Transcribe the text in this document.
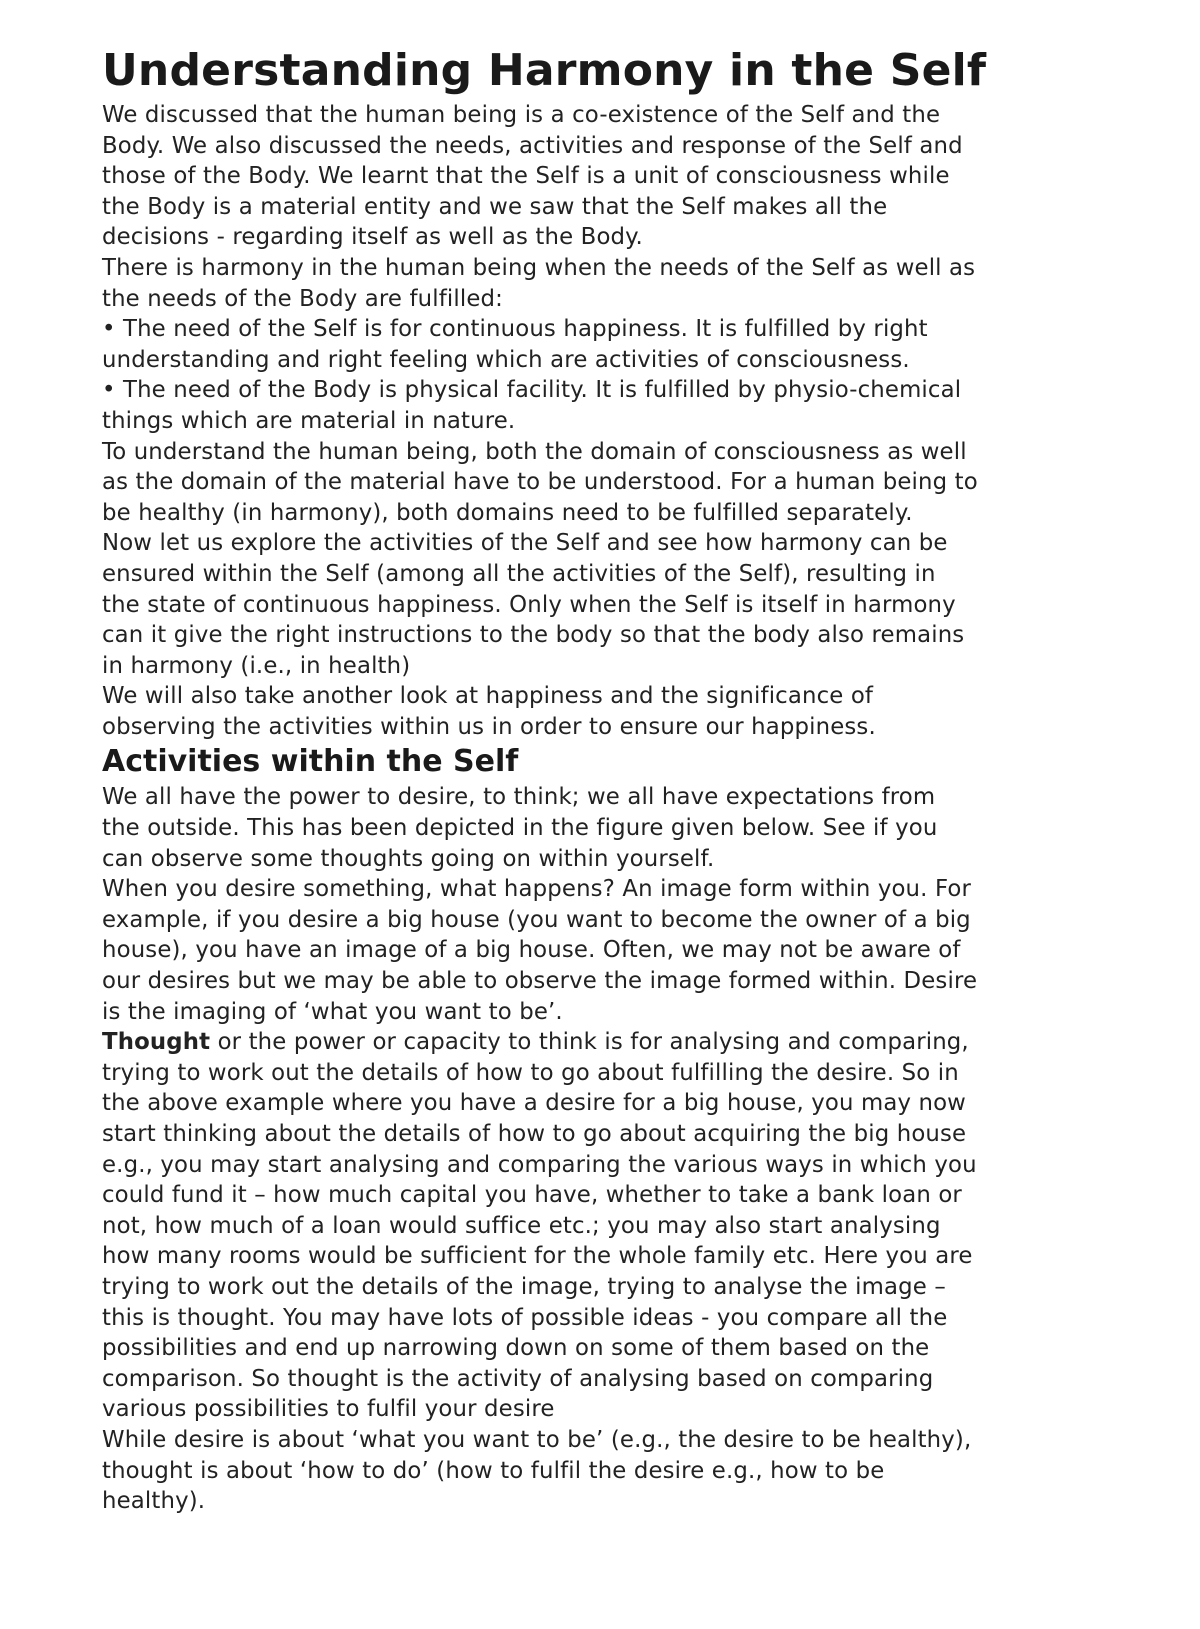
Understanding Harmony in the Self

We discussed that the human being is a co-existence of the Self and the
Body. We also discussed the needs, activities and response of the Self and
those of the Body. We learnt that the Self is a unit of consciousness while
the Body is a material entity and we saw that the Self makes all the
decisions - regarding itself as well as the Body.

There is harmony in the human being when the needs of the Self as well as
the needs of the Body are fulfilled:

• The need of the Self is for continuous happiness. It is fulfilled by right
understanding and right feeling which are activities of consciousness.

• The need of the Body is physical facility. It is fulfilled by physio-chemical
things which are material in nature.

To understand the human being, both the domain of consciousness as well
as the domain of the material have to be understood. For a human being to
be healthy (in harmony), both domains need to be fulfilled separately.

Now let us explore the activities of the Self and see how harmony can be
ensured within the Self (among all the activities of the Self), resulting in
the state of continuous happiness. Only when the Self is itself in harmony
can it give the right instructions to the body so that the body also remains
in harmony (i.e., in health)

We will also take another look at happiness and the significance of
observing the activities within us in order to ensure our happiness.

Activities within the Self

We all have the power to desire, to think; we all have expectations from
the outside. This has been depicted in the figure given below. See if you
can observe some thoughts going on within yourself.

When you desire something, what happens? An image form within you. For
example, if you desire a big house (you want to become the owner of a big
house), you have an image of a big house. Often, we may not be aware of
our desires but we may be able to observe the image formed within. Desire
is the imaging of ‘what you want to be’.

Thought or the power or capacity to think is for analysing and comparing,
trying to work out the details of how to go about fulfilling the desire. So in
the above example where you have a desire for a big house, you may now
start thinking about the details of how to go about acquiring the big house
e.g., you may start analysing and comparing the various ways in which you
could fund it – how much capital you have, whether to take a bank loan or
not, how much of a loan would suffice etc.; you may also start analysing
how many rooms would be sufficient for the whole family etc. Here you are
trying to work out the details of the image, trying to analyse the image –
this is thought. You may have lots of possible ideas - you compare all the
possibilities and end up narrowing down on some of them based on the
comparison. So thought is the activity of analysing based on comparing
various possibilities to fulfil your desire

While desire is about ‘what you want to be’ (e.g., the desire to be healthy),
thought is about ‘how to do’ (how to fulfil the desire e.g., how to be
healthy).
